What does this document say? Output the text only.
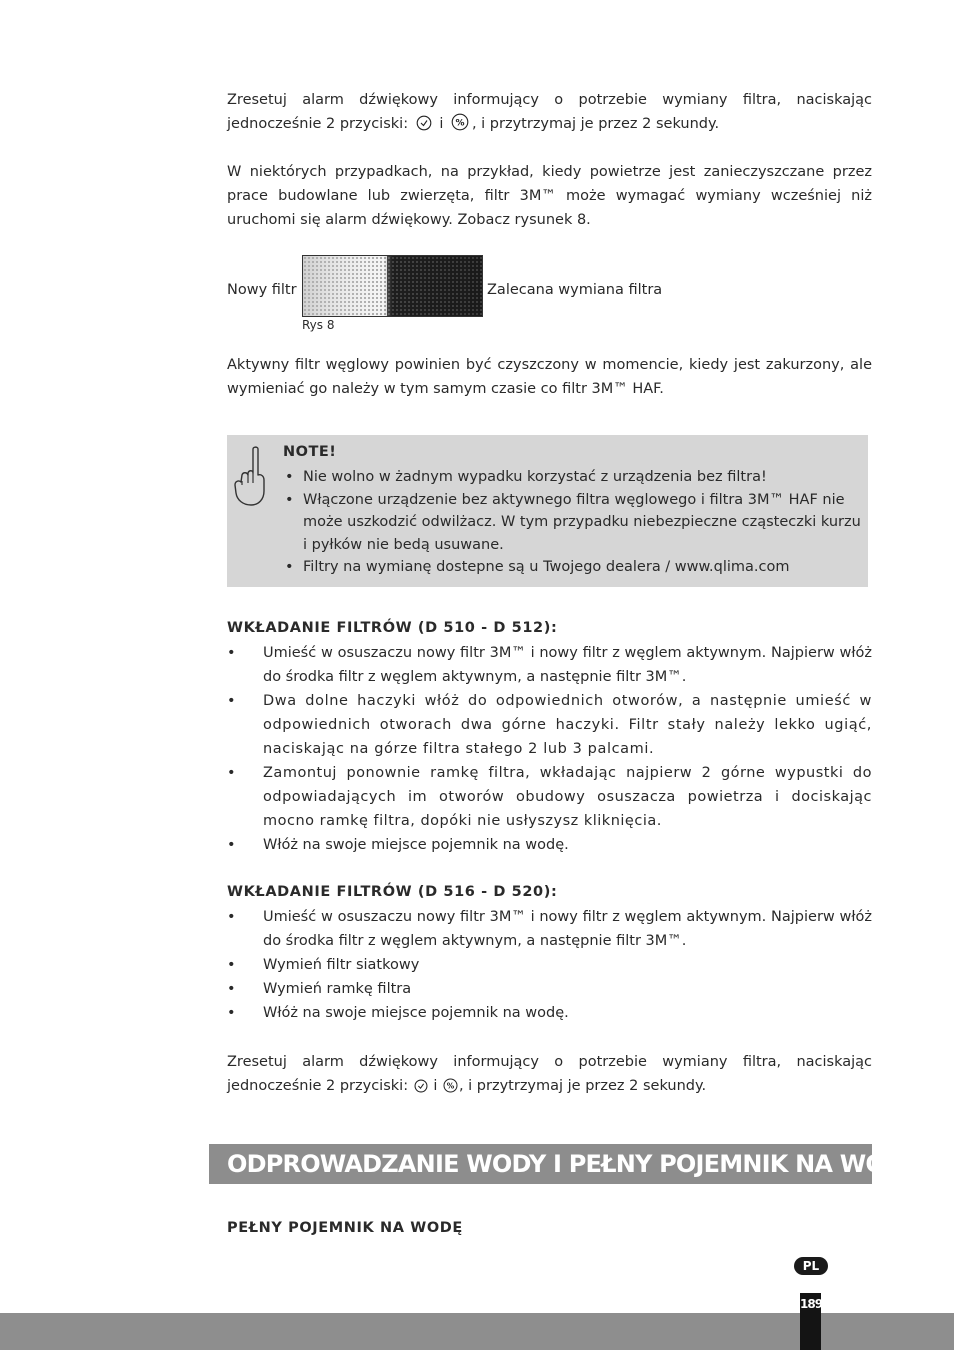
Zresetuj alarm dźwiękowy informujący o potrzebie wymiany filtra, naciskając jednocześnie 2 przyciski: i % , i przytrzymaj je przez 2 sekundy.

W niektórych przypadkach, na przykład, kiedy powietrze jest zanieczyszczane przez prace budowlane lub zwierzęta, filtr 3M™ może wymagać wymiany wcześniej niż uruchomi się alarm dźwiękowy. Zobacz rysunek 8.

Nowy filtr	Zalecana wymiana filtra
Rys 8

Aktywny filtr węglowy powinien być czyszczony w momencie, kiedy jest zakurzony, ale wymieniać go należy w tym samym czasie co filtr 3M™ HAF.

NOTE!
• Nie wolno w żadnym wypadku korzystać z urządzenia bez filtra!
• Włączone urządzenie bez aktywnego filtra węglowego i filtra 3M™ HAF nie może uszkodzić odwilżacz. W tym przypadku niebezpieczne cząsteczki kurzu i pyłków nie bedą usuwane.
• Filtry na wymianę dostepne są u Twojego dealera / www.qlima.com
WKŁADANIE FILTRÓW (D 510 - D 512):
• Umieść w osuszaczu nowy filtr 3M™ i nowy filtr z węglem aktywnym. Najpierw włóż do środka filtr z węglem aktywnym, a następnie filtr 3M™.
• Dwa dolne haczyki włóż do odpowiednich otworów, a następnie umieść w odpowiednich otworach dwa górne haczyki. Filtr stały należy lekko ugiąć, naciskając na górze filtra stałego 2 lub 3 palcami.
• Zamontuj ponownie ramkę filtra, wkładając najpierw 2 górne wypustki do odpowiadających im otworów obudowy osuszacza powietrza i dociskając mocno ramkę filtra, dopóki nie usłyszysz kliknięcia.
• Włóż na swoje miejsce pojemnik na wodę.
WKŁADANIE FILTRÓW (D 516 - D 520):
• Umieść w osuszaczu nowy filtr 3M™ i nowy filtr z węglem aktywnym. Najpierw włóż do środka filtr z węglem aktywnym, a następnie filtr 3M™.
• Wymień filtr siatkowy
• Wymień ramkę filtra
• Włóż na swoje miejsce pojemnik na wodę.

Zresetuj alarm dźwiękowy informujący o potrzebie wymiany filtra, naciskając jednocześnie 2 przyciski: i % , i przytrzymaj je przez 2 sekundy.

ODPROWADZANIE WODY I PEŁNY POJEMNIK NA WODĘ
PEŁNY POJEMNIK NA WODĘ
PL
189
